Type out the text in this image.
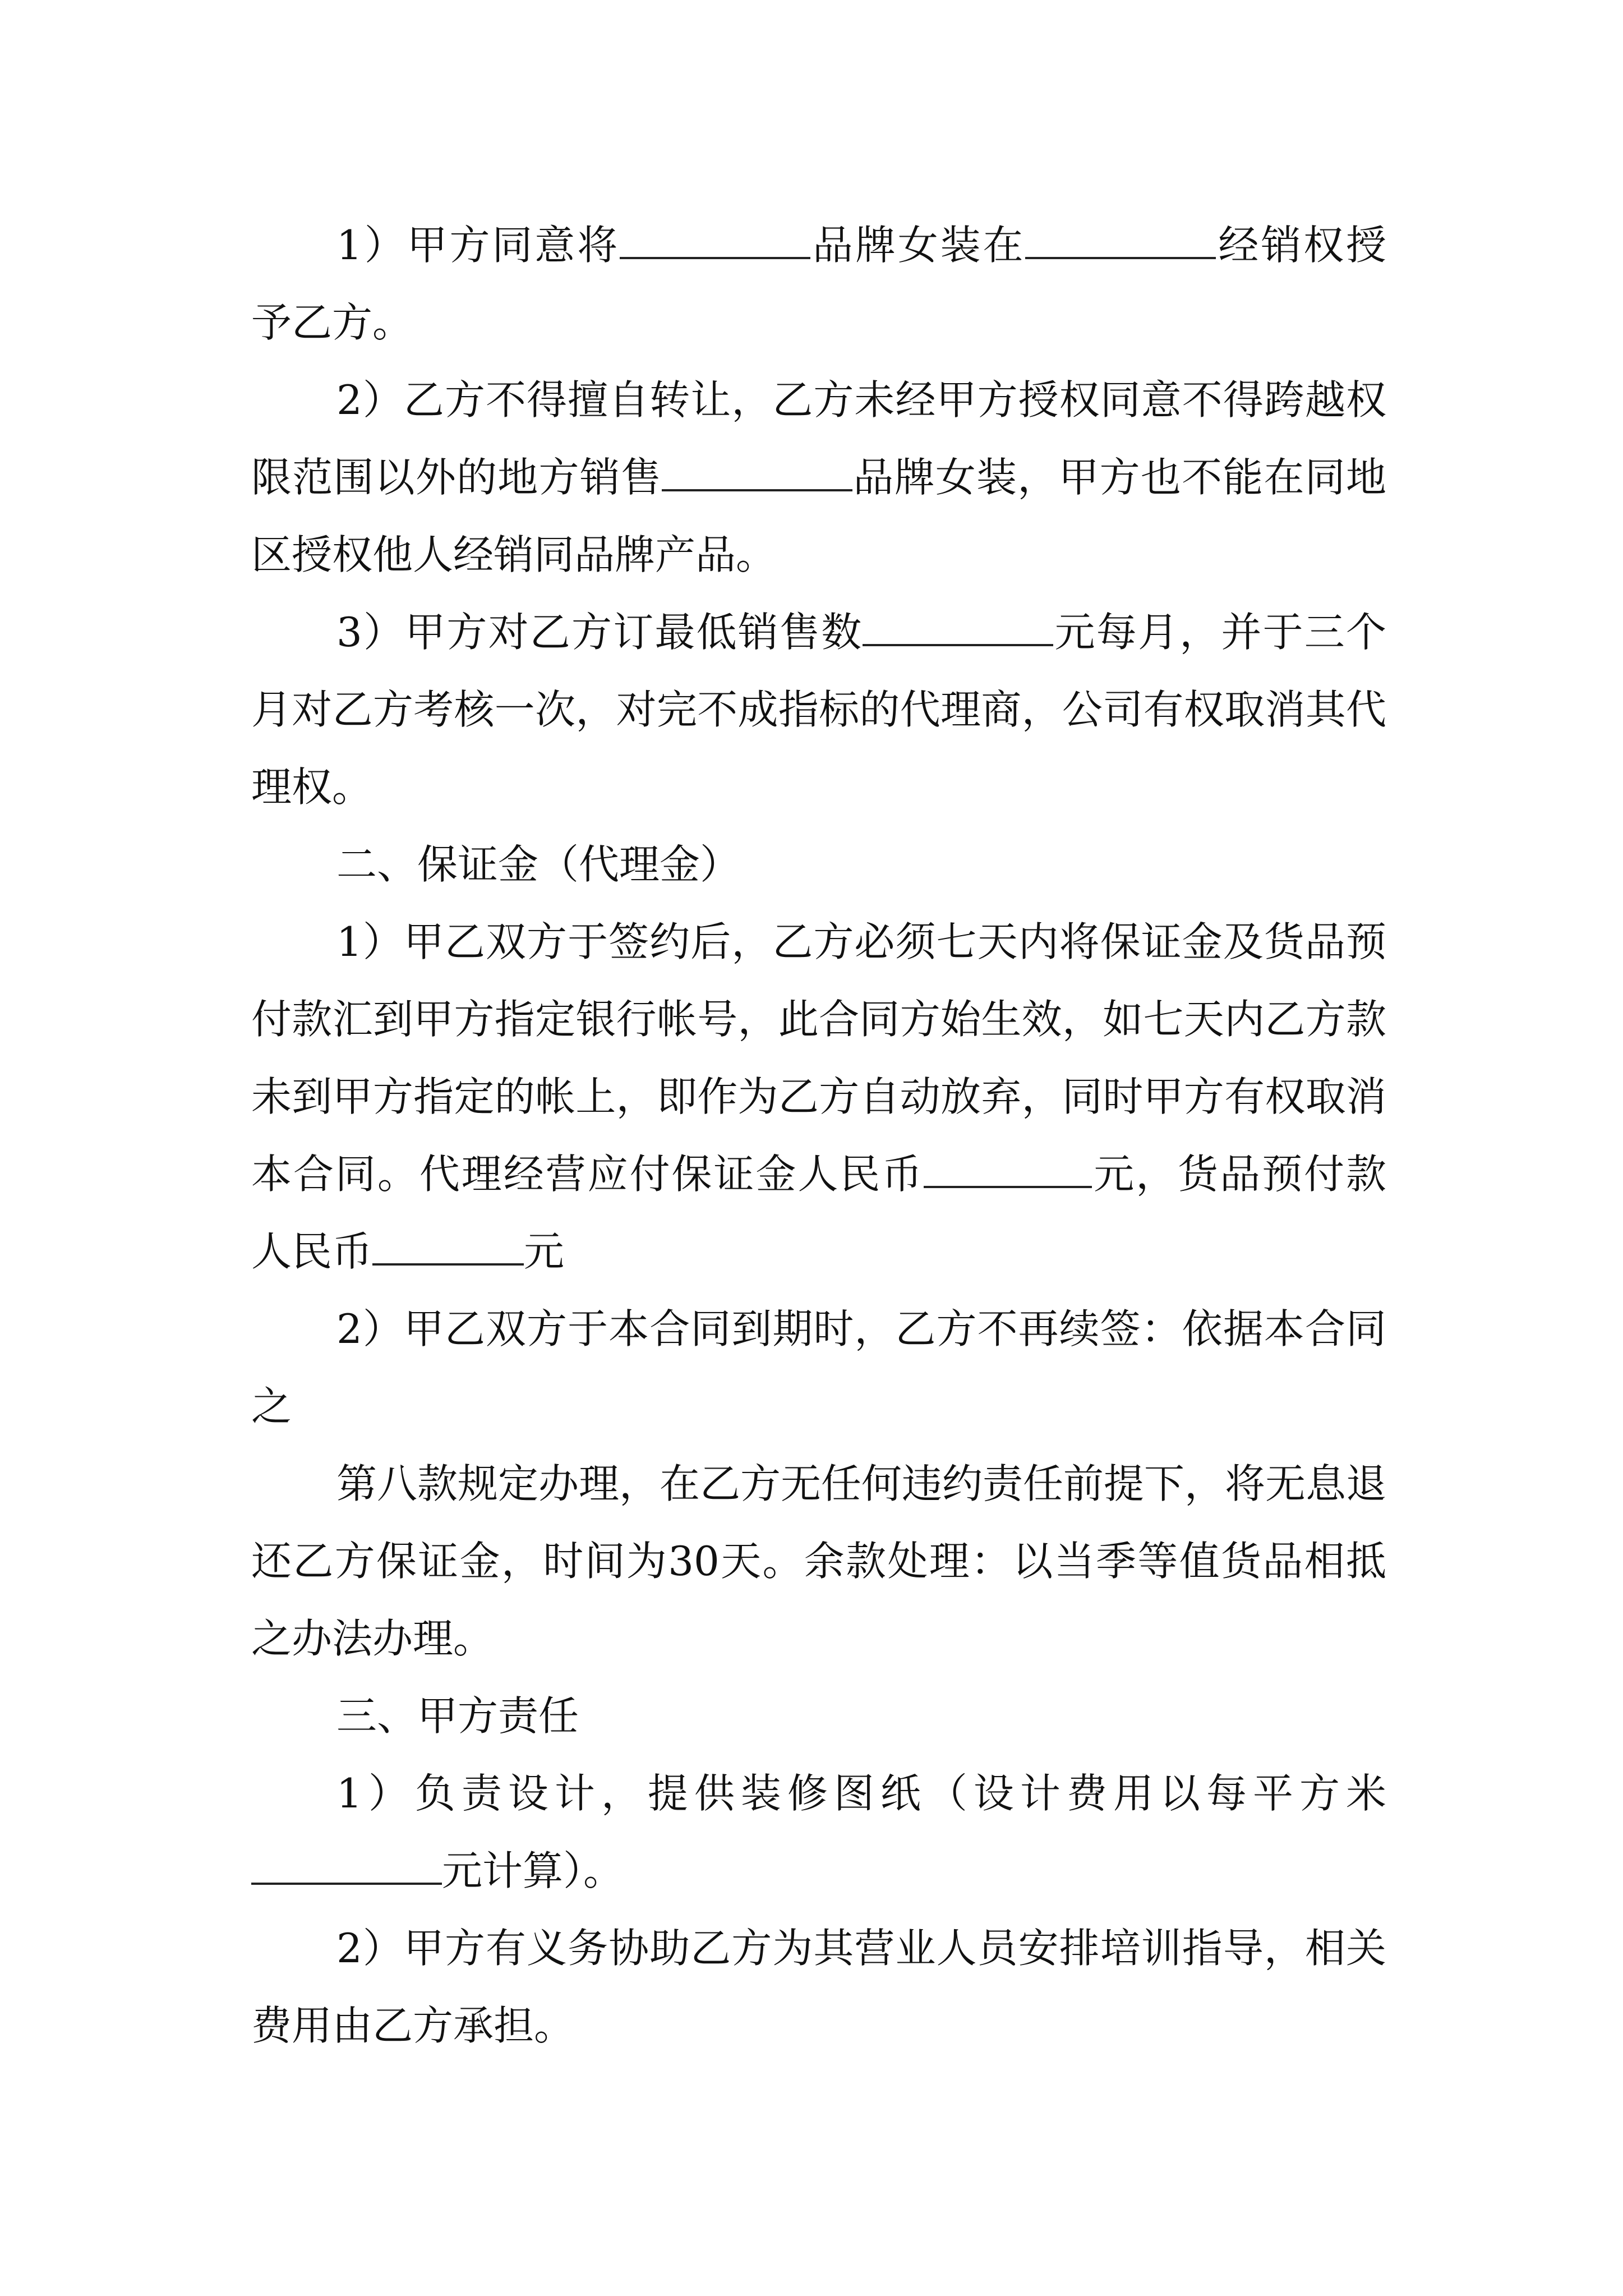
1）甲方同意将	品牌女装在	经销权授予乙方。

2）乙方不得擅自转让，乙方未经甲方授权同意不得跨越权限范围以外的地方销售	品牌女装，甲方也不能在同地区授权他人经销同品牌产品。

3）甲方对乙方订最低销售数	元每月，并于三个月对乙方考核一次，对完不成指标的代理商，公司有权取消其代理权。

二、保证金（代理金）

1）甲乙双方于签约后，乙方必须七天内将保证金及货品预付款汇到甲方指定银行帐号，此合同方始生效，如七天内乙方款未到甲方指定的帐上，即作为乙方自动放弃，同时甲方有权取消本合同。代理经营应付保证金人民币	元，货品预付款人民币	元

2）甲乙双方于本合同到期时，乙方不再续签：依据本合同之

第八款规定办理，在乙方无任何违约责任前提下，将无息退还乙方保证金，时间为30天。余款处理：以当季等值货品相抵之办法办理。

三、甲方责任

1）负责设计，提供装修图纸（设计费用以每平方米元计算）。

2）甲方有义务协助乙方为其营业人员安排培训指导，相关费用由乙方承担。
